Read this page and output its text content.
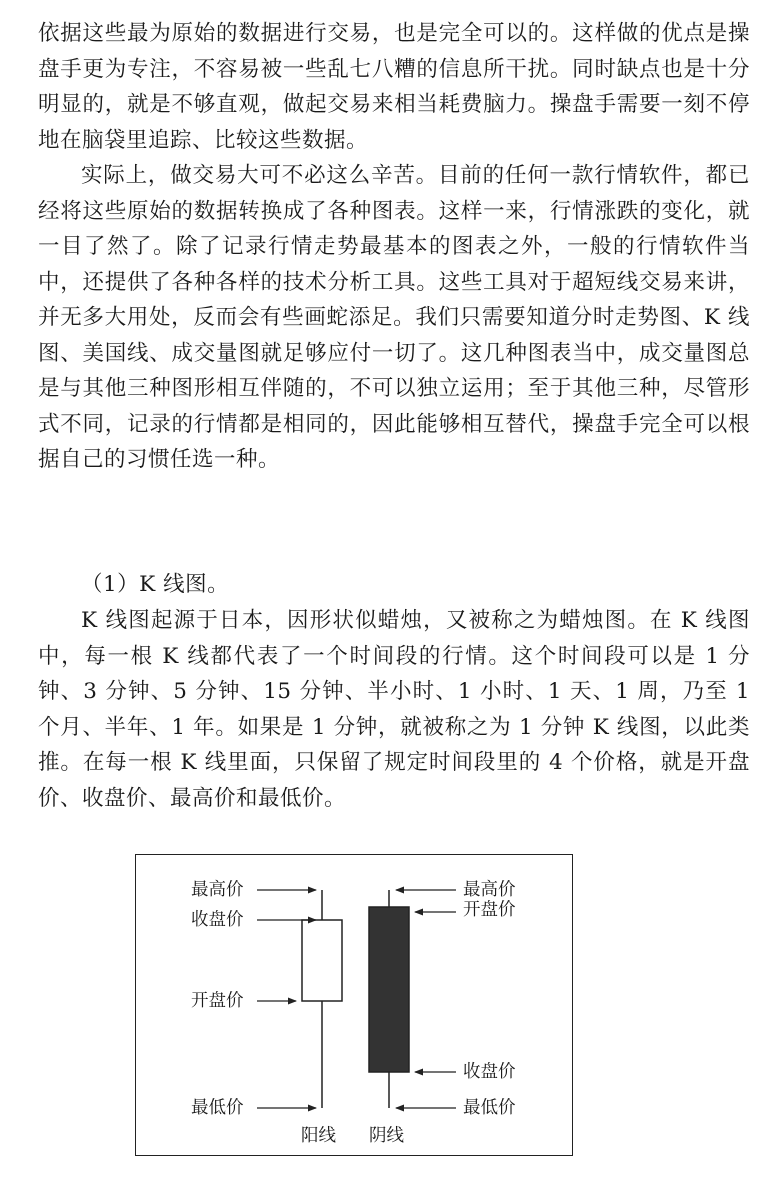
依据这些最为原始的数据进行交易，也是完全可以的。这样做的优点是操盘手更为专注，不容易被一些乱七八糟的信息所干扰。同时缺点也是十分明显的，就是不够直观，做起交易来相当耗费脑力。操盘手需要一刻不停地在脑袋里追踪、比较这些数据。

实际上，做交易大可不必这么辛苦。目前的任何一款行情软件，都已经将这些原始的数据转换成了各种图表。这样一来，行情涨跌的变化，就一目了然了。除了记录行情走势最基本的图表之外，一般的行情软件当中，还提供了各种各样的技术分析工具。这些工具对于超短线交易来讲，并无多大用处，反而会有些画蛇添足。我们只需要知道分时走势图、K 线图、美国线、成交量图就足够应付一切了。这几种图表当中，成交量图总是与其他三种图形相互伴随的，不可以独立运用；至于其他三种，尽管形式不同，记录的行情都是相同的，因此能够相互替代，操盘手完全可以根据自己的习惯任选一种。

（1）K 线图。

K 线图起源于日本，因形状似蜡烛，又被称之为蜡烛图。在 K 线图中，每一根 K 线都代表了一个时间段的行情。这个时间段可以是 1 分钟、3 分钟、5 分钟、15 分钟、半小时、1 小时、1 天、1 周，乃至 1 个月、半年、1 年。如果是 1 分钟，就被称之为 1 分钟 K 线图，以此类推。在每一根 K 线里面，只保留了规定时间段里的 4 个价格，就是开盘价、收盘价、最高价和最低价。

最高价
收盘价
开盘价
最低价
最高价
开盘价
收盘价
最低价
阳线 阴线
